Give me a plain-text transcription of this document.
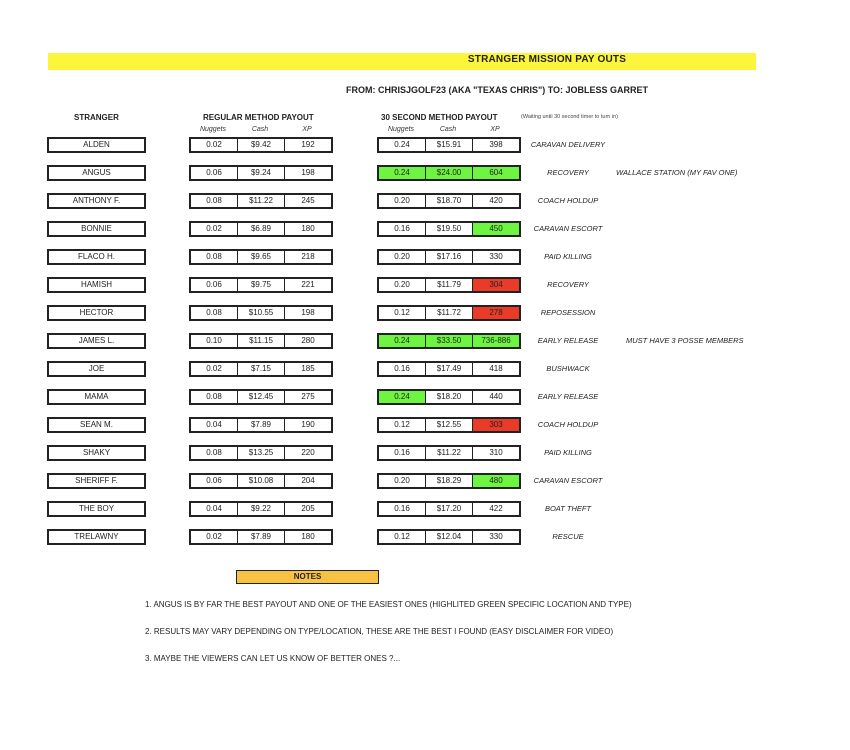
STRANGER MISSION PAY OUTS
FROM: CHRISJGOLF23 (AKA "TEXAS CHRIS") TO: JOBLESS GARRET
STRANGER	REGULAR METHOD PAYOUT	30 SECOND METHOD PAYOUT	(Waiting until 30 second timer to turn in)
Nuggets	Cash	XP	Nuggets	Cash	XP
ALDEN	0.02	$9.42	192	0.24	$15.91	398	CARAVAN DELIVERY
ANGUS	0.06	$9.24	198	0.24	$24.00	604	RECOVERY	WALLACE STATION (MY FAV ONE)
ANTHONY F.	0.08	$11.22	245	0.20	$18.70	420	COACH HOLDUP
BONNIE	0.02	$6.89	180	0.16	$19.50	450	CARAVAN ESCORT
FLACO H.	0.08	$9.65	218	0.20	$17.16	330	PAID KILLING
HAMISH	0.06	$9.75	221	0.20	$11.79	304	RECOVERY
HECTOR	0.08	$10.55	198	0.12	$11.72	278	REPOSESSION
JAMES L.	0.10	$11.15	280	0.24	$33.50	736-886	EARLY RELEASE	MUST HAVE 3 POSSE MEMBERS
JOE	0.02	$7.15	185	0.16	$17.49	418	BUSHWACK
MAMA	0.08	$12.45	275	0.24	$18.20	440	EARLY RELEASE
SEAN M.	0.04	$7.89	190	0.12	$12.55	303	COACH HOLDUP
SHAKY	0.08	$13.25	220	0.16	$11.22	310	PAID KILLING
SHERIFF F.	0.06	$10.08	204	0.20	$18.29	480	CARAVAN ESCORT
THE BOY	0.04	$9.22	205	0.16	$17.20	422	BOAT THEFT
TRELAWNY	0.02	$7.89	180	0.12	$12.04	330	RESCUE
NOTES
1. ANGUS IS BY FAR THE BEST PAYOUT AND ONE OF THE EASIEST ONES (HIGHLITED GREEN SPECIFIC LOCATION AND TYPE)
2. RESULTS MAY VARY DEPENDING ON TYPE/LOCATION, THESE ARE THE BEST I FOUND (EASY DISCLAIMER FOR VIDEO)
3. MAYBE THE VIEWERS CAN LET US KNOW OF BETTER ONES ?...
